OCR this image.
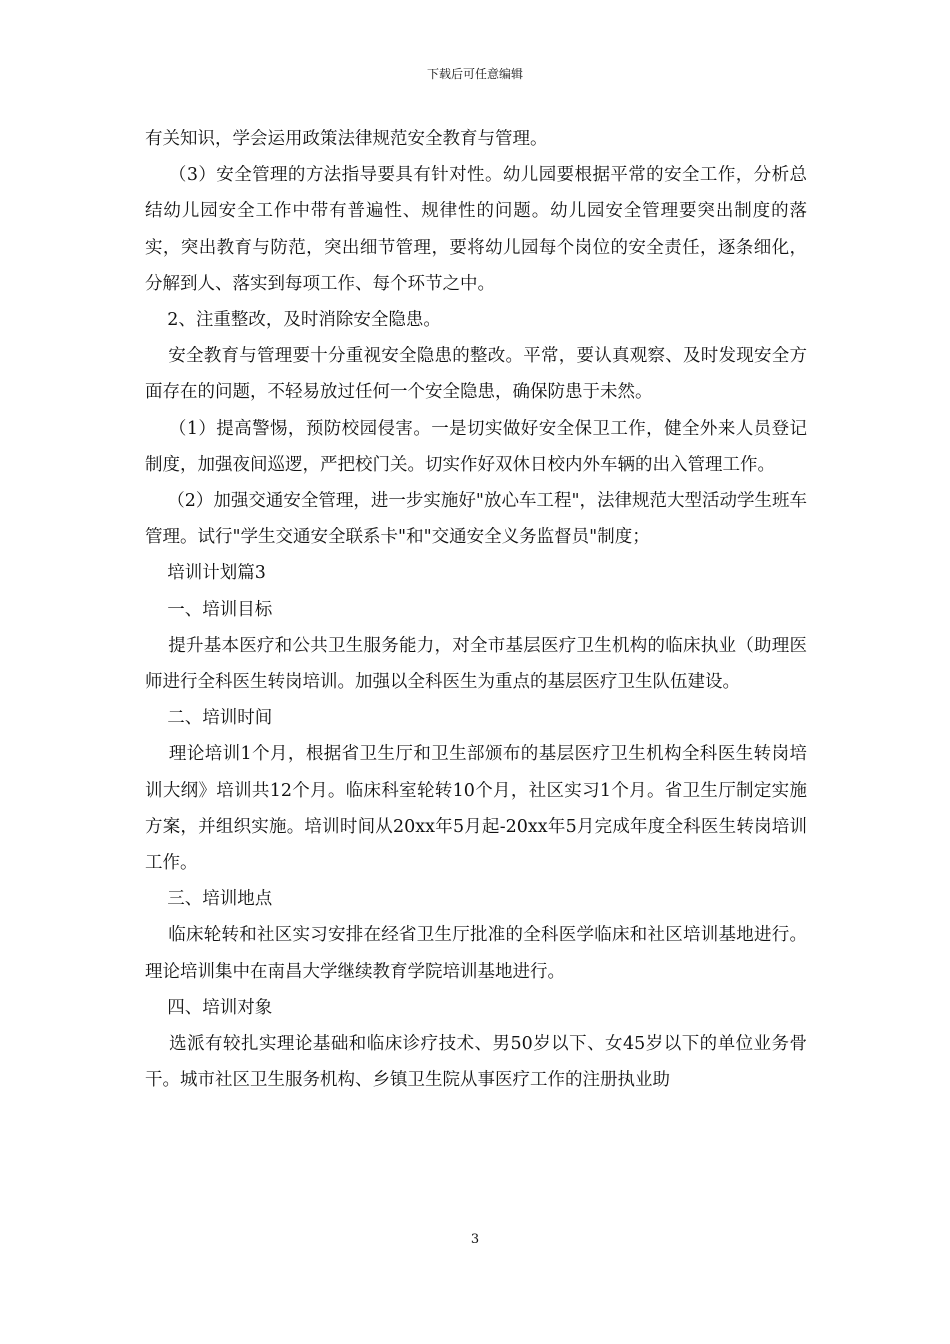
下载后可任意编辑

有关知识，学会运用政策法律规范安全教育与管理。

（3）安全管理的方法指导要具有针对性。幼儿园要根据平常的安全工作，分析总结幼儿园安全工作中带有普遍性、规律性的问题。幼儿园安全管理要突出制度的落实，突出教育与防范，突出细节管理，要将幼儿园每个岗位的安全责任，逐条细化，分解到人、落实到每项工作、每个环节之中。

2、注重整改，及时消除安全隐患。

安全教育与管理要十分重视安全隐患的整改。平常，要认真观察、及时发现安全方面存在的问题，不轻易放过任何一个安全隐患，确保防患于未然。

（1）提高警惕，预防校园侵害。一是切实做好安全保卫工作，健全外来人员登记制度，加强夜间巡逻，严把校门关。切实作好双休日校内外车辆的出入管理工作。

（2）加强交通安全管理，进一步实施好"放心车工程"，法律规范大型活动学生班车管理。试行"学生交通安全联系卡"和"交通安全义务监督员"制度；

培训计划篇3

一、培训目标

提升基本医疗和公共卫生服务能力，对全市基层医疗卫生机构的临床执业（助理医师进行全科医生转岗培训。加强以全科医生为重点的基层医疗卫生队伍建设。

二、培训时间

理论培训1个月，根据省卫生厅和卫生部颁布的基层医疗卫生机构全科医生转岗培训大纲》培训共12个月。临床科室轮转10个月，社区实习1个月。省卫生厅制定实施方案，并组织实施。培训时间从20xx年5月起-20xx年5月完成年度全科医生转岗培训工作。

三、培训地点

临床轮转和社区实习安排在经省卫生厅批准的全科医学临床和社区培训基地进行。理论培训集中在南昌大学继续教育学院培训基地进行。

四、培训对象

选派有较扎实理论基础和临床诊疗技术、男50岁以下、女45岁以下的单位业务骨干。城市社区卫生服务机构、乡镇卫生院从事医疗工作的注册执业助

3
